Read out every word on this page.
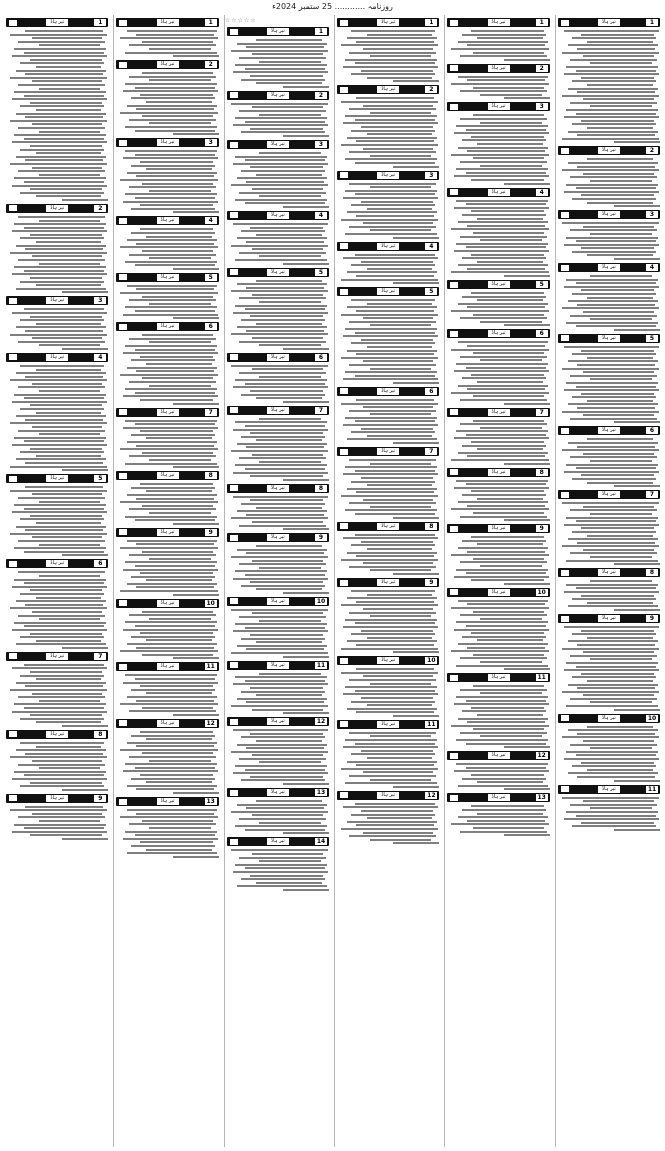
روزنامہ ............ 25 ستمبر 2024ء
1
تیر ہاڈ
2
تیر ہاڈ
3
تیر ہاڈ
4
تیر ہاڈ
5
تیر ہاڈ
6
تیر ہاڈ
7
تیر ہاڈ
8
تیر ہاڈ
9
تیر ہاڈ
10
تیر ہاڈ
11
تیر ہاڈ
1
تیر ہاڈ
2
تیر ہاڈ
3
تیر ہاڈ
4
تیر ہاڈ
5
تیر ہاڈ
6
تیر ہاڈ
7
تیر ہاڈ
8
تیر ہاڈ
9
تیر ہاڈ
10
تیر ہاڈ
11
تیر ہاڈ
12
تیر ہاڈ
13
تیر ہاڈ
1
تیر ہاڈ
2
تیر ہاڈ
3
تیر ہاڈ
4
تیر ہاڈ
5
تیر ہاڈ
6
تیر ہاڈ
7
تیر ہاڈ
8
تیر ہاڈ
9
تیر ہاڈ
10
تیر ہاڈ
11
تیر ہاڈ
12
تیر ہاڈ
☆☆☆☆☆
1
تیر ہاڈ
2
تیر ہاڈ
3
تیر ہاڈ
4
تیر ہاڈ
5
تیر ہاڈ
6
تیر ہاڈ
7
تیر ہاڈ
8
تیر ہاڈ
9
تیر ہاڈ
10
تیر ہاڈ
11
تیر ہاڈ
12
تیر ہاڈ
13
تیر ہاڈ
14
تیر ہاڈ
1
تیر ہاڈ
2
تیر ہاڈ
3
تیر ہاڈ
4
تیر ہاڈ
5
تیر ہاڈ
6
تیر ہاڈ
7
تیر ہاڈ
8
تیر ہاڈ
9
تیر ہاڈ
10
تیر ہاڈ
11
تیر ہاڈ
12
تیر ہاڈ
13
تیر ہاڈ
1
تیر ہاڈ
2
تیر ہاڈ
3
تیر ہاڈ
4
تیر ہاڈ
5
تیر ہاڈ
6
تیر ہاڈ
7
تیر ہاڈ
8
تیر ہاڈ
9
تیر ہاڈ
